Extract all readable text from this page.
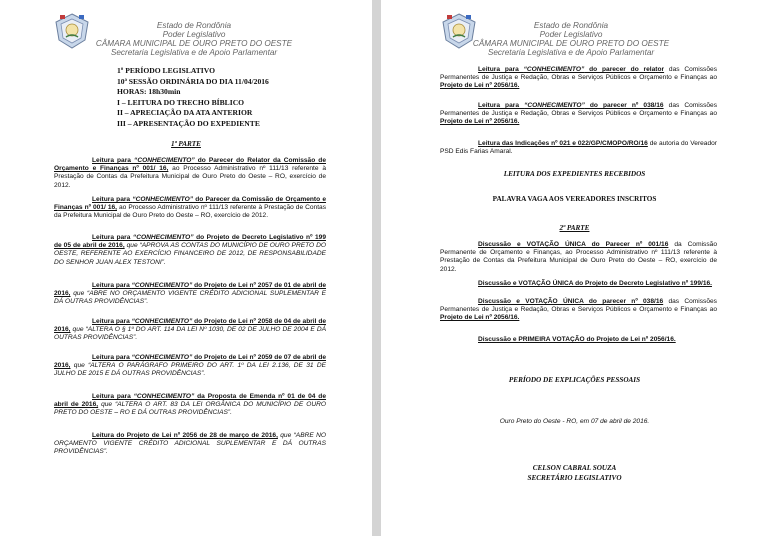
Estado de Rondônia
Poder Legislativo
CÂMARA MUNICIPAL DE OURO PRETO DO OESTE
Secretaria Legislativa e de Apoio Parlamentar
1º PERÍODO LEGISLATIVO
10ª SESSÃO ORDINÁRIA DO DIA 11/04/2016
HORAS: 18h30min
I – LEITURA DO TRECHO BÍBLICO
II – APRECIAÇÃO DA ATA ANTERIOR
III – APRESENTAÇÃO DO EXPEDIENTE
1ª PARTE
Leitura para “CONHECIMENTO” do Parecer do Relator da Comissão de Orçamento e Finanças nº 001/ 16, ao Processo Administrativo nº 111/13 referente à Prestação de Contas da Prefeitura Municipal de Ouro Preto do Oeste – RO, exercício de 2012.
Leitura para “CONHECIMENTO” do Parecer da Comissão de Orçamento e Finanças nº 001/ 16, ao Processo Administrativo nº 111/13 referente à Prestação de Contas da Prefeitura Municipal de Ouro Preto do Oeste – RO, exercício de 2012.
Leitura para “CONHECIMENTO” do Projeto de Decreto Legislativo nº 199 de 05 de abril de 2016, que “APROVA AS CONTAS DO MUNICÍPIO DE OURO PRETO DO OESTE, REFERENTE AO EXERCÍCIO FINANCEIRO DE 2012, DE RESPONSABILIDADE DO SENHOR JUAN ALEX TESTONI”.
Leitura para “CONHECIMENTO” do Projeto de Lei nº 2057 de 01 de abril de 2016, que “ABRE NO ORÇAMENTO VIGENTE CRÉDITO ADICIONAL SUPLEMENTAR E DÁ OUTRAS PROVIDÊNCIAS”.
Leitura para “CONHECIMENTO” do Projeto de Lei nº 2058 de 04 de abril de 2016, que “ALTERA O § 1º DO ART. 114 DA LEI Nº 1030, DE 02 DE JULHO DE 2004 E DÁ OUTRAS PROVIDÊNCIAS”.
Leitura para “CONHECIMENTO” do Projeto de Lei nº 2059 de 07 de abril de 2016, que “ALTERA O PARÁGRAFO PRIMEIRO DO ART. 1º DA LEI 2.136, DE 31 DE JULHO DE 2015 E DÁ OUTRAS PROVIDÊNCIAS”.
Leitura para “CONHECIMENTO” da Proposta de Emenda nº 01 de 04 de abril de 2016, que “ALTERA O ART. 83 DA LEI ORGÂNICA DO MUNICÍPIO DE OURO PRETO DO OESTE – RO E DÁ OUTRAS PROVIDÊNCIAS”.
Leitura do Projeto de Lei nº 2056 de 28 de março de 2016, que “ABRE NO ORÇAMENTO VIGENTE CRÉDITO ADICIONAL SUPLEMENTAR E DÁ OUTRAS PROVIDÊNCIAS”.
Estado de Rondônia
Poder Legislativo
CÂMARA MUNICIPAL DE OURO PRETO DO OESTE
Secretaria Legislativa e de Apoio Parlamentar
Leitura para “CONHECIMENTO” do parecer do relator das Comissões Permanentes de Justiça e Redação, Obras e Serviços Públicos e Orçamento e Finanças ao Projeto de Lei nº 2056/16.
Leitura para “CONHECIMENTO” do parecer nº 038/16 das Comissões Permanentes de Justiça e Redação, Obras e Serviços Públicos e Orçamento e Finanças ao Projeto de Lei nº 2056/16.
Leitura das Indicações nº 021 e 022/GP/CMOPO/RO/16 de autoria do Vereador PSD Edis Farias Amaral.
LEITURA DOS EXPEDIENTES RECEBIDOS
PALAVRA VAGA AOS VEREADORES INSCRITOS
2ª PARTE
Discussão e VOTAÇÃO ÚNICA do Parecer nº 001/16 da Comissão Permanente de Orçamento e Finanças, ao Processo Administrativo nº 111/13 referente à Prestação de Contas da Prefeitura Municipal de Ouro Preto do Oeste – RO, exercício de 2012.
Discussão e VOTAÇÃO ÚNICA do Projeto de Decreto Legislativo nº 199/16.
Discussão e VOTAÇÃO ÚNICA do parecer nº 038/16 das Comissões Permanentes de Justiça e Redação, Obras e Serviços Públicos e Orçamento e Finanças ao Projeto de Lei nº 2056/16.
Discussão e PRIMEIRA VOTAÇÃO do Projeto de Lei nº 2056/16.
PERÍODO DE EXPLICAÇÕES PESSOAIS
Ouro Preto do Oeste - RO, em 07 de abril de 2016.
CELSON CABRAL SOUZA
SECRETÁRIO LEGISLATIVO
